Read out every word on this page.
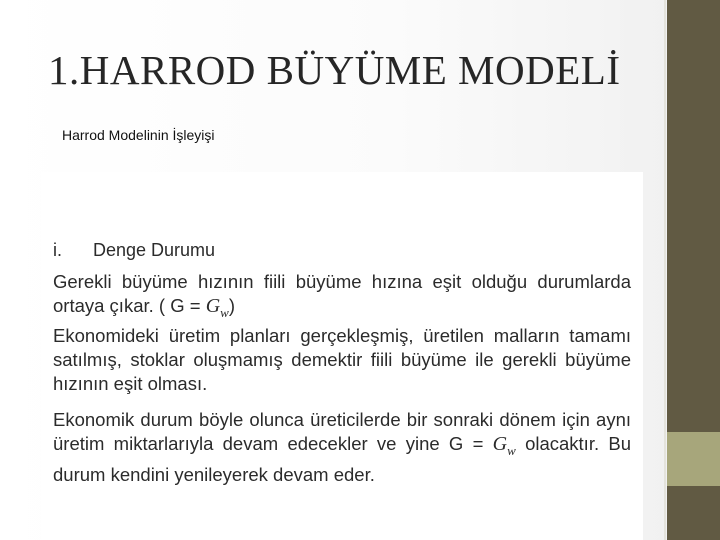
1.HARROD BÜYÜME MODELİ
Harrod Modelinin İşleyişi
i. Denge Durumu

Gerekli büyüme hızının fiili büyüme hızına eşit olduğu durumlarda ortaya çıkar. ( $G = G_w$)

Ekonomideki üretim planları gerçekleşmiş, üretilen malların tamamı satılmış, stoklar oluşmamış demektir fiili büyüme ile gerekli büyüme hızının eşit olması.

Ekonomik durum böyle olunca üreticilerde bir sonraki dönem için aynı üretim miktarlarıyla devam edecekler ve yine $G = G_w$ olacaktır. Bu durum kendini yenileyerek devam eder.
